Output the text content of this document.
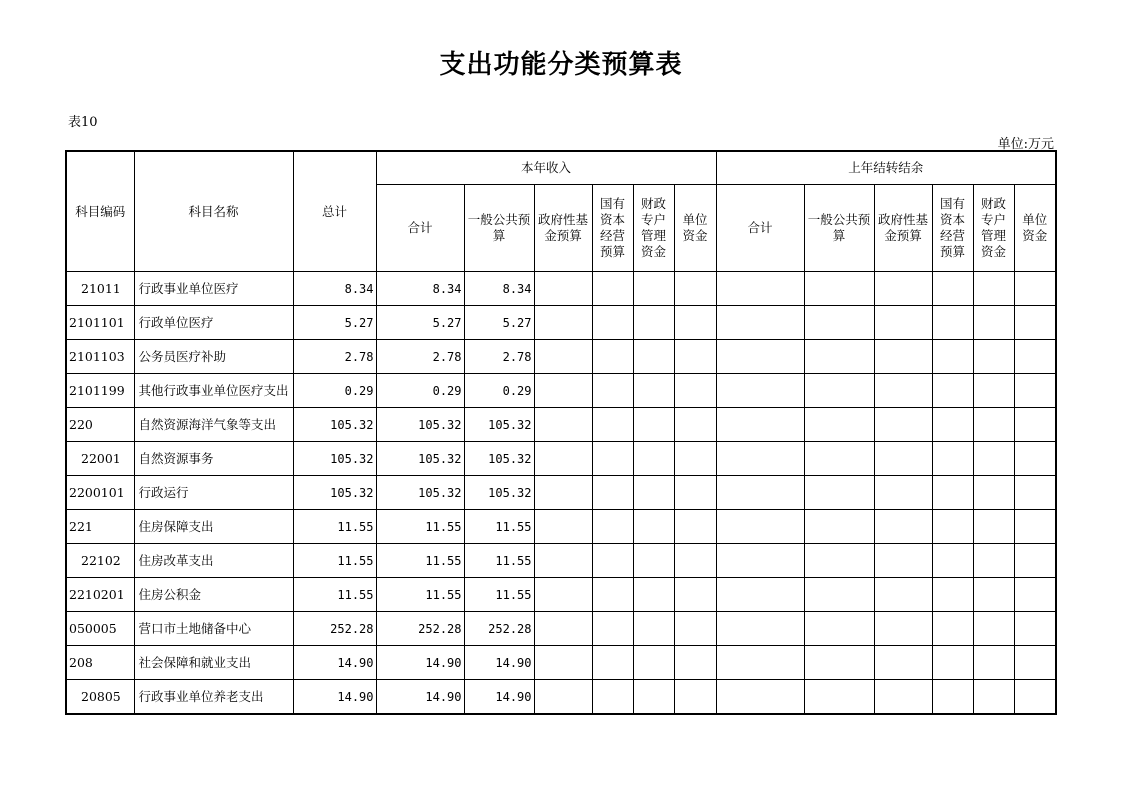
支出功能分类预算表
表10
单位:万元
科目编码	科目名称	总计	本年收入						上年结转结余					
			合计	一般公共预算	政府性基金预算	国有资本经营预算	财政专户管理资金	单位资金	合计	一般公共预算	政府性基金预算	国有资本经营预算	财政专户管理资金	单位资金
21011	行政事业单位医疗	8.34	8.34	8.34										
2101101	行政单位医疗	5.27	5.27	5.27										
2101103	公务员医疗补助	2.78	2.78	2.78										
2101199	其他行政事业单位医疗支出	0.29	0.29	0.29										
220	自然资源海洋气象等支出	105.32	105.32	105.32										
22001	自然资源事务	105.32	105.32	105.32										
2200101	行政运行	105.32	105.32	105.32										
221	住房保障支出	11.55	11.55	11.55										
22102	住房改革支出	11.55	11.55	11.55										
2210201	住房公积金	11.55	11.55	11.55										
050005	营口市土地储备中心	252.28	252.28	252.28										
208	社会保障和就业支出	14.90	14.90	14.90										
20805	行政事业单位养老支出	14.90	14.90	14.90										
